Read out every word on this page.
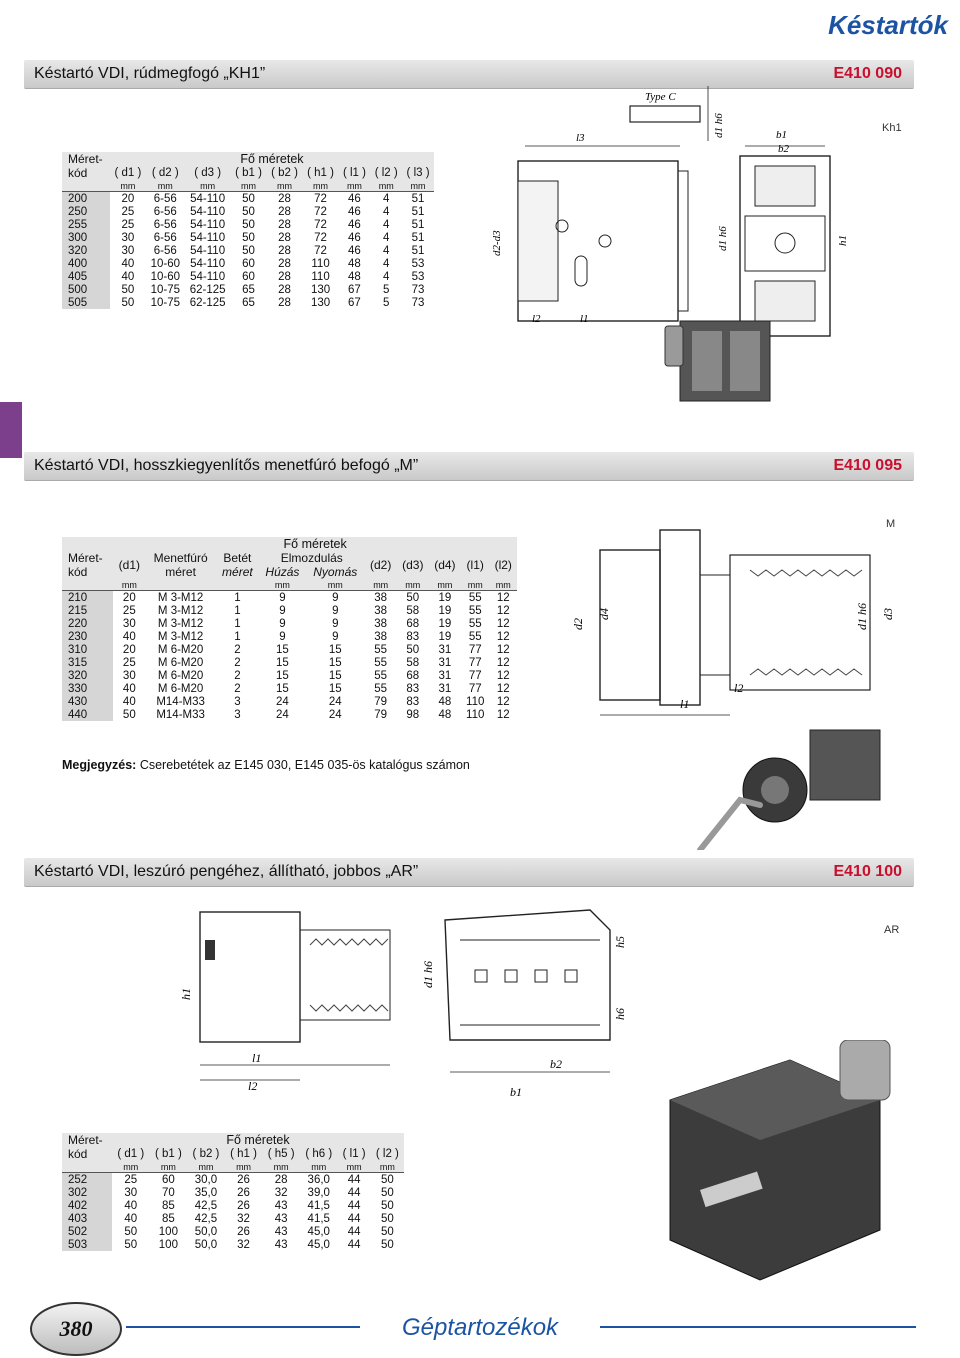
Késtartók
Késtartó VDI, rúdmegfogó „KH1”	E410 090
Kh1
Méret-
kód	Fő méretek								
	( d1 )	( d2 )	( d3 )	( b1 )	( b2 )	( h1 )	( l1 )	( l2 )	( l3 )
	mm	mm	mm	mm	mm	mm	mm	mm	mm
200	20	6-56	54-110	50	28	72	46	4	51
250	25	6-56	54-110	50	28	72	46	4	51
255	25	6-56	54-110	50	28	72	46	4	51
300	30	6-56	54-110	50	28	72	46	4	51
320	30	6-56	54-110	50	28	72	46	4	51
400	40	10-60	54-110	60	28	110	48	4	53
405	40	10-60	54-110	60	28	110	48	4	53
500	50	10-75	62-125	65	28	130	67	5	73
505	50	10-75	62-125	65	28	130	67	5	73
Type C
d1 h6
l3
d2-d3
l2	l1
b1
b2
d1 h6	h1
Késtartó VDI, hosszkiegyenlítős menetfúró befogó „M”	E410 095
M

Méret-
kód	Fő méretek									
	(d1)	Menetfúró	Betét	Elmozdulás		(d2)	(d3)	(d4)	(l1)	(l2)
		méret	méret	Húzás	Nyomás					
	mm			mm	mm	mm	mm	mm	mm	mm
210	20	M 3-M12	1	9	9	38	50	19	55	12
215	25	M 3-M12	1	9	9	38	58	19	55	12
220	30	M 3-M12	1	9	9	38	68	19	55	12
230	40	M 3-M12	1	9	9	38	83	19	55	12
310	20	M 6-M20	2	15	15	55	50	31	77	12
315	25	M 6-M20	2	15	15	55	58	31	77	12
320	30	M 6-M20	2	15	15	55	68	31	77	12
330	40	M 6-M20	2	15	15	55	83	31	77	12
430	40	M14-M33	3	24	24	79	83	48	110	12
440	50	M14-M33	3	24	24	79	98	48	110	12
d2
d4	d1 h6 d3
l2
l1
Megjegyzés: Cserebetétek az E145 030, E145 035-ös katalógus számon
Késtartó VDI, leszúró pengéhez, állítható, jobbos „AR”	E410 100
AR
h1
d1 h6
h5
h6
l1
l2
b2
b1
Méret-
kód	Fő méretek							
	( d1 )	( b1 )	( b2 )	( h1 )	( h5 )	( h6 )	( l1 )	( l2 )
	mm	mm	mm	mm	mm	mm	mm	mm
252	25	60	30,0	26	28	36,0	44	50
302	30	70	35,0	26	32	39,0	44	50
402	40	85	42,5	26	43	41,5	44	50
403	40	85	42,5	32	43	41,5	44	50
502	50	100	50,0	26	43	45,0	44	50
503	50	100	50,0	32	43	45,0	44	50
380	Géptartozékok
